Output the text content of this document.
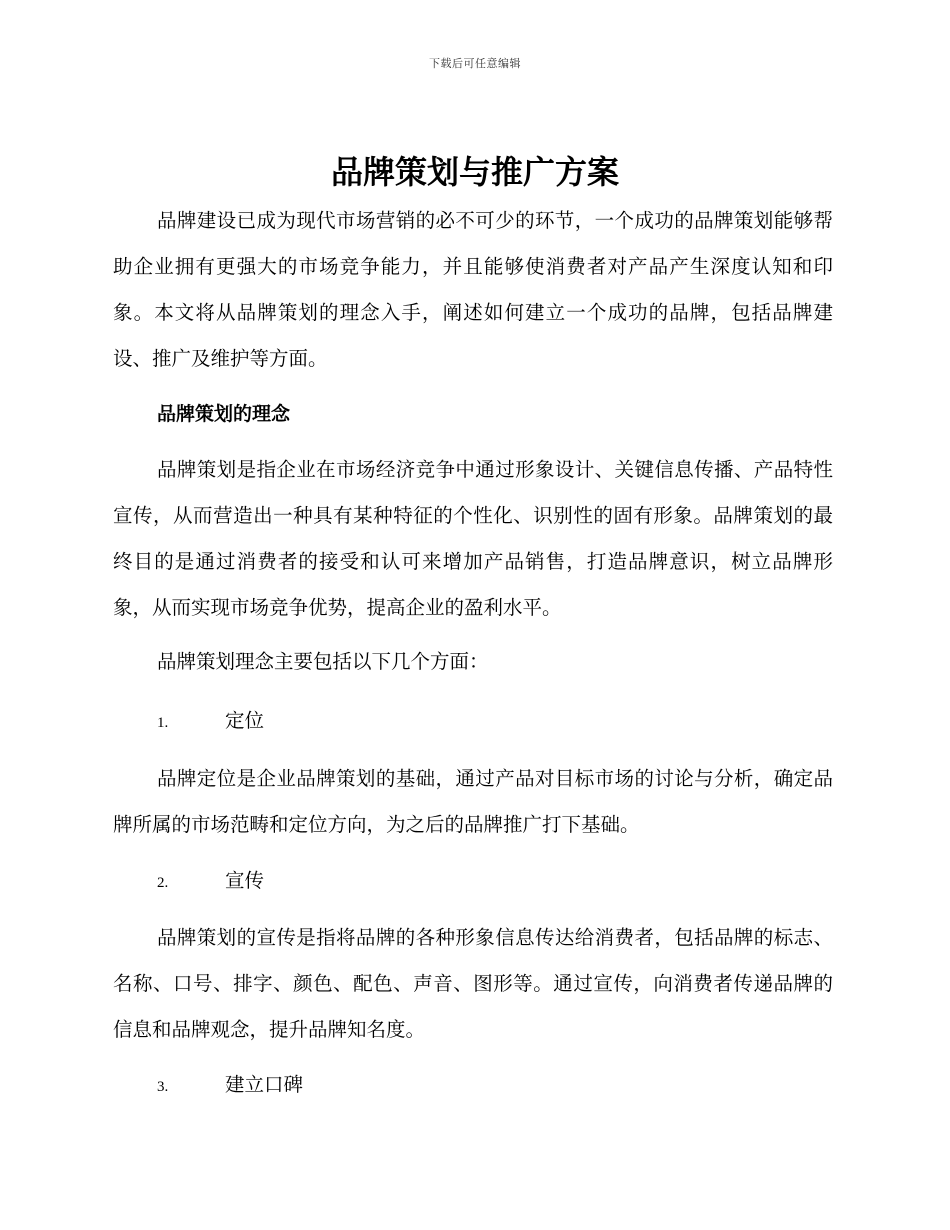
下载后可任意编辑
品牌策划与推广方案

品牌建设已成为现代市场营销的必不可少的环节，一个成功的品牌策划能够帮助企业拥有更强大的市场竞争能力，并且能够使消费者对产品产生深度认知和印象。本文将从品牌策划的理念入手，阐述如何建立一个成功的品牌，包括品牌建设、推广及维护等方面。

品牌策划的理念

品牌策划是指企业在市场经济竞争中通过形象设计、关键信息传播、产品特性宣传，从而营造出一种具有某种特征的个性化、识别性的固有形象。品牌策划的最终目的是通过消费者的接受和认可来增加产品销售，打造品牌意识，树立品牌形象，从而实现市场竞争优势，提高企业的盈利水平。

品牌策划理念主要包括以下几个方面：

1.	定位

品牌定位是企业品牌策划的基础，通过产品对目标市场的讨论与分析，确定品牌所属的市场范畴和定位方向，为之后的品牌推广打下基础。

2.	宣传

品牌策划的宣传是指将品牌的各种形象信息传达给消费者，包括品牌的标志、名称、口号、排字、颜色、配色、声音、图形等。通过宣传，向消费者传递品牌的信息和品牌观念，提升品牌知名度。

3.	建立口碑
